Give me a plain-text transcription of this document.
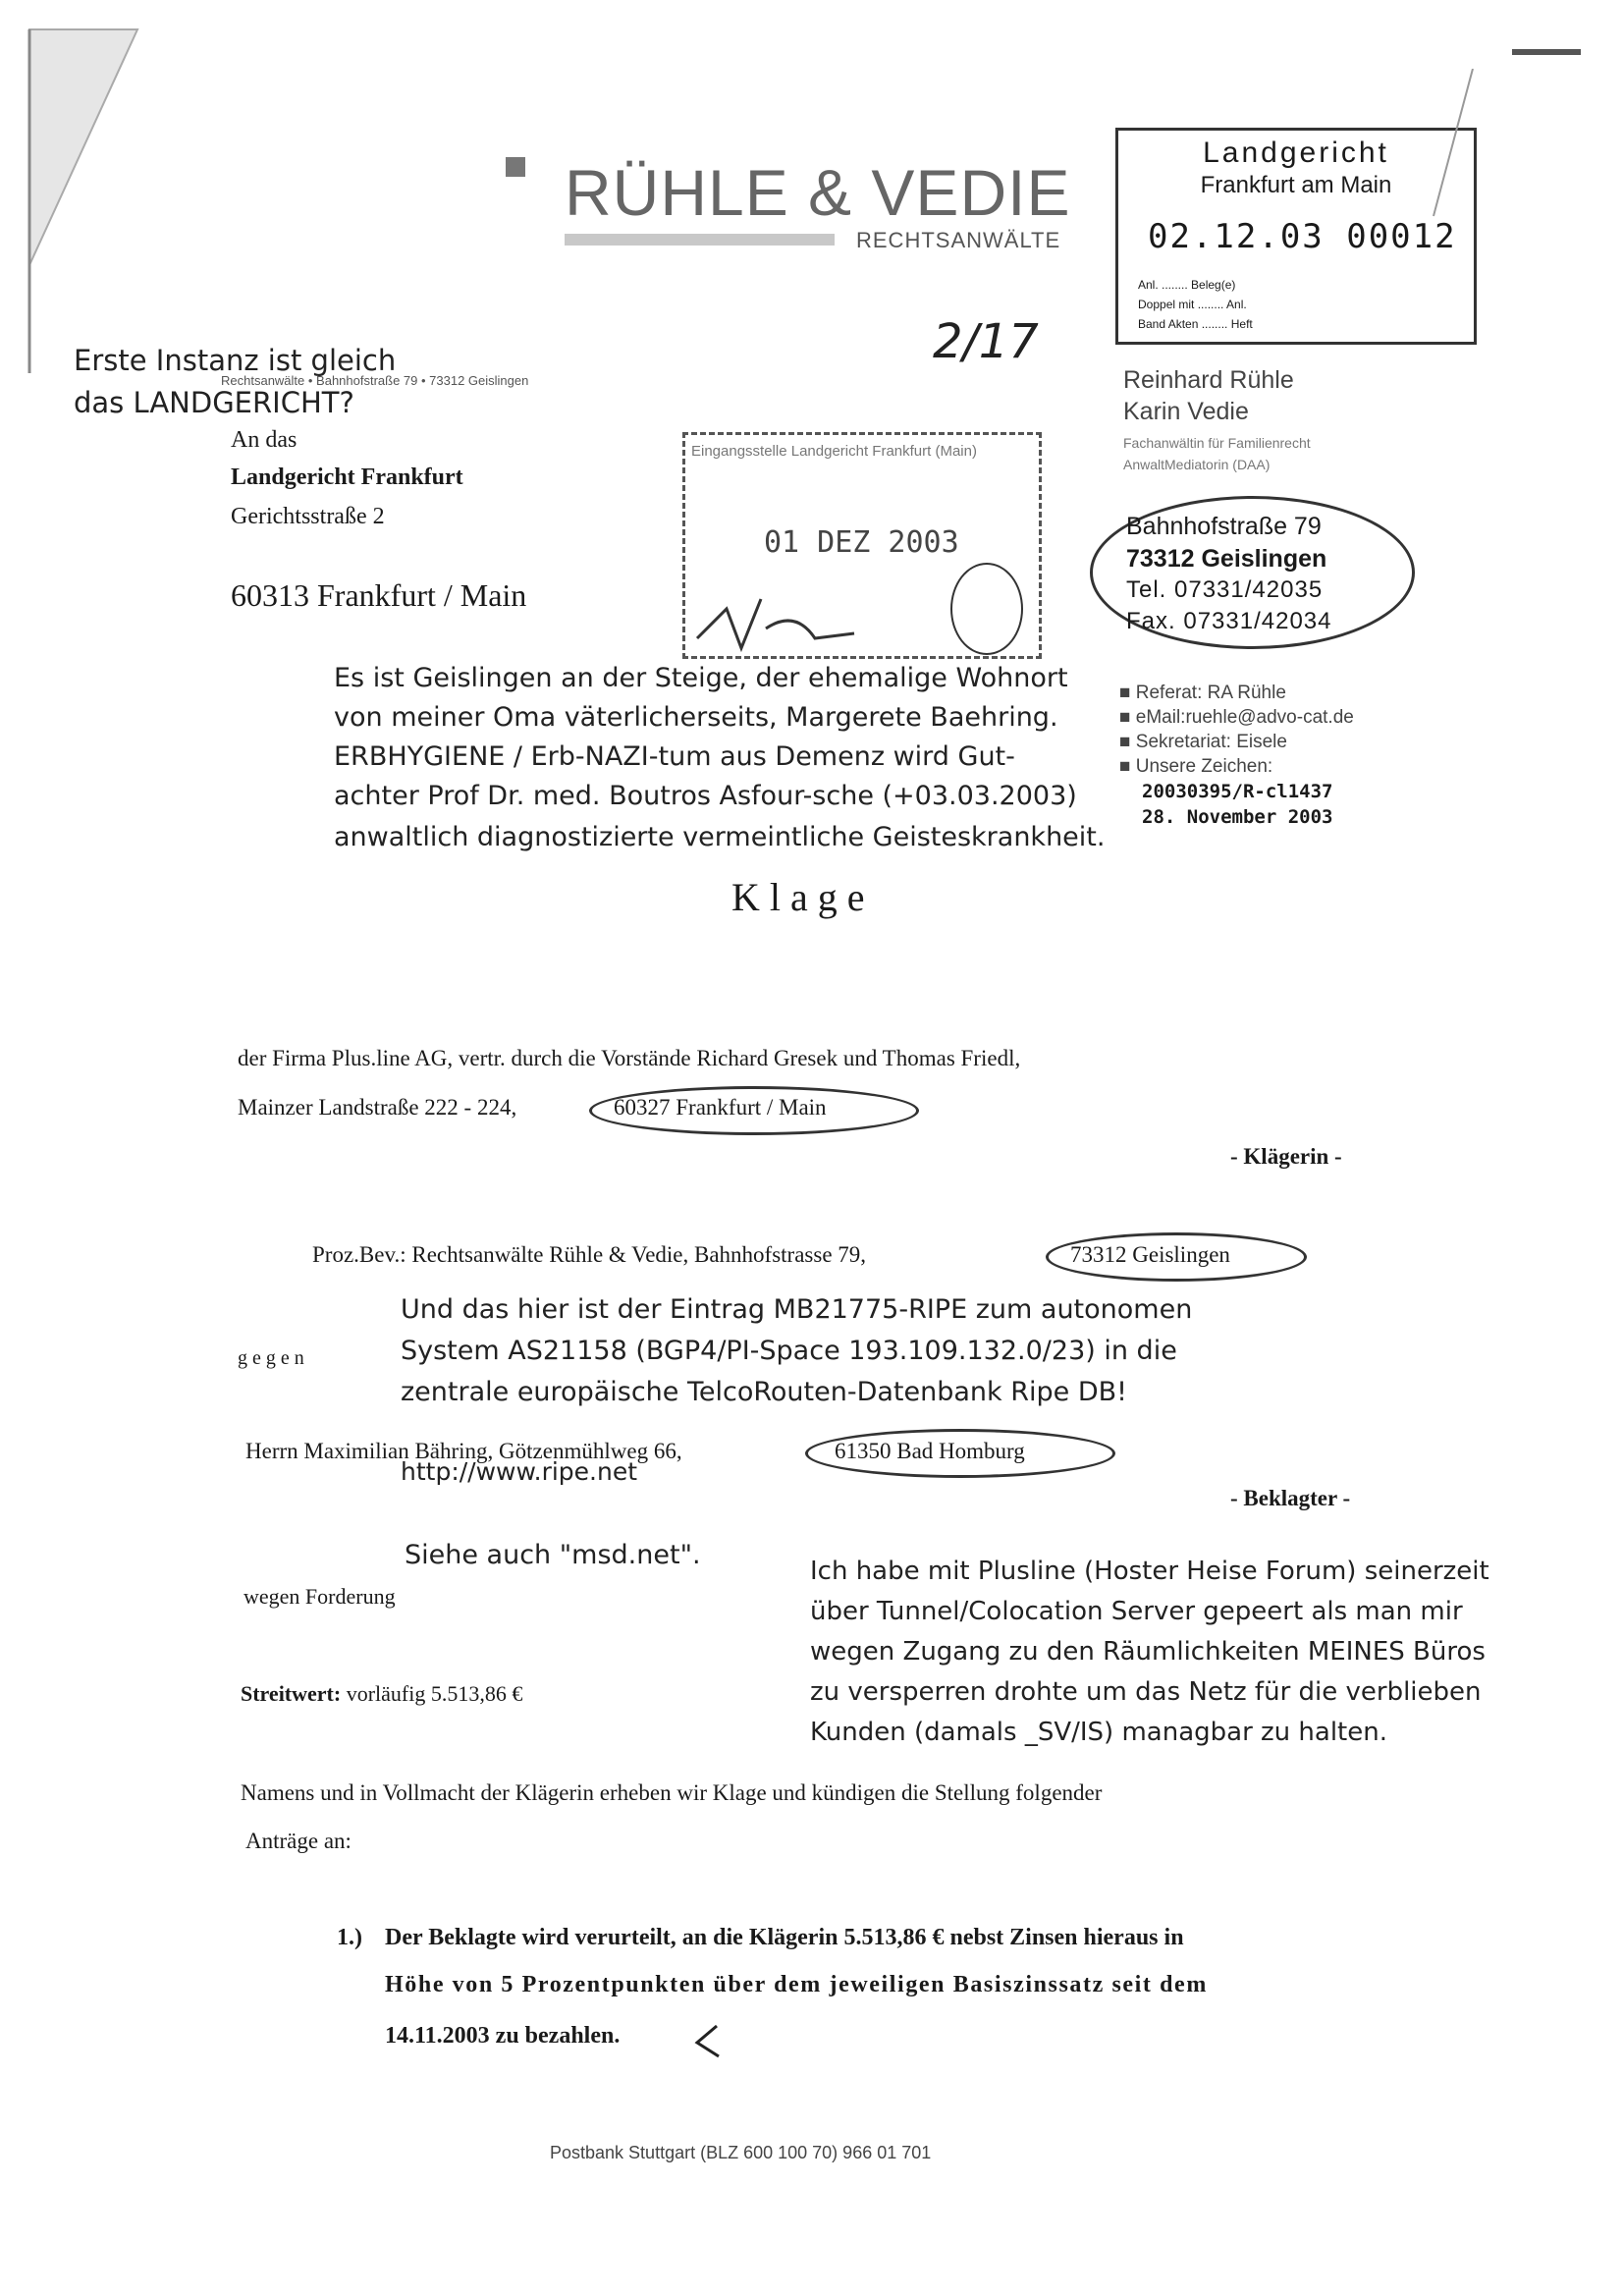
RÜHLE & VEDIE
RECHTSANWÄLTE
Landgericht
Frankfurt am Main
02.12.03 00012
Anl. ........ Beleg(e)
Doppel mit ........ Anl.
Band Akten ........ Heft
2/17
Erste Instanz ist gleich
das LANDGERICHT?
Rechtsanwälte • Bahnhofstraße 79 • 73312 Geislingen
An das
Landgericht Frankfurt
Gerichtsstraße 2
60313 Frankfurt / Main
Eingangsstelle Landgericht Frankfurt (Main)
01 DEZ 2003
Reinhard Rühle
Karin Vedie
Fachanwältin für Familienrecht
AnwaltMediatorin (DAA)
Bahnhofstraße 79
73312 Geislingen
Tel. 07331/42035
Fax. 07331/42034
■ Referat: RA Rühle
■ eMail:ruehle@advo-cat.de
■ Sekretariat: Eisele
■ Unsere Zeichen:
20030395/R-cl1437
28. November 2003
Es ist Geislingen an der Steige, der ehemalige Wohnort
von meiner Oma väterlicherseits, Margerete Baehring.
ERBHYGIENE / Erb-NAZI-tum aus Demenz wird Gut-
achter Prof Dr. med. Boutros Asfour-sche (+03.03.2003)
anwaltlich diagnostizierte vermeintliche Geisteskrankheit.
Klage
der Firma Plus.line AG, vertr. durch die Vorstände Richard Gresek und Thomas Friedl,
Mainzer Landstraße 222 - 224,	60327 Frankfurt / Main
- Klägerin -
Proz.Bev.: Rechtsanwälte Rühle & Vedie, Bahnhofstrasse 79,	73312 Geislingen
Und das hier ist der Eintrag MB21775-RIPE zum autonomen
System AS21158 (BGP4/PI-Space 193.109.132.0/23) in die
zentrale europäische TelcoRouten-Datenbank Ripe DB!
g e g e n
Herrn Maximilian Bähring, Götzenmühlweg 66,	61350 Bad Homburg
http://www.ripe.net
- Beklagter -
Siehe auch "msd.net".
wegen Forderung
Ich habe mit Plusline (Hoster Heise Forum) seinerzeit
über Tunnel/Colocation Server gepeert als man mir
wegen Zugang zu den Räumlichkeiten MEINES Büros
zu versperren drohte um das Netz für die verblieben
Kunden (damals _SV/IS) managbar zu halten.
Streitwert: vorläufig 5.513,86 €
Namens und in Vollmacht der Klägerin erheben wir Klage und kündigen die Stellung folgender
Anträge an:
1.) Der Beklagte wird verurteilt, an die Klägerin 5.513,86 € nebst Zinsen hieraus in
Höhe von 5 Prozentpunkten über dem jeweiligen Basiszinssatz seit dem
14.11.2003 zu bezahlen.
Postbank Stuttgart (BLZ 600 100 70) 966 01 701
